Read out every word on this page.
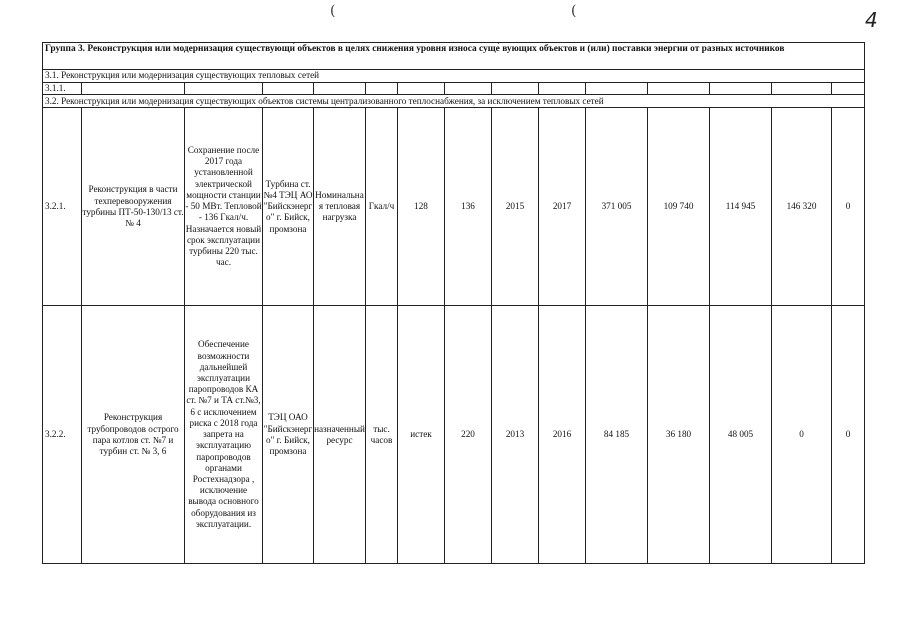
4
(	(
Группа 3. Реконструкция или модернизация существующи́ объектов в целях снижения уровня износа суще́ вующих объектов и (или) поставки энергии от разных источников														
3.1. Реконструкция или модернизация существующих тепловых сетей														
3.1.1.														
3.2. Реконструкция или модернизация существующих объектов системы централизованного теплоснабжения, за исключением тепловых сетей														
3.2.1.	Реконструкция в части техперевооружения турбины ПТ-50-130/13 ст. № 4	Сохранение после 2017 года установленной электрической мощности станции - 50 МВт. Тепловой - 136 Гкал/ч. Назначается новый срок эксплуатации турбины 220 тыс. час.	Турбина ст.№4 ТЭЦ АО "Бийскэнерго" г. Бийск, промзона	Номинальная тепловая нагрузка	Гкал/ч	128	136	2015	2017	371 005	109 740	114 945	146 320	0
3.2.2.	Реконструкция трубопроводов острого пара котлов ст. №7 и турбин ст. № 3, 6	Обеспечение возможности дальнейшей эксплуатации паропроводов КА ст. №7 и ТА ст.№3, 6 с исключением риска с 2018 года запрета на эксплуатацию паропроводов органами Ростехнадзора , исключение вывода основного оборудования из эксплуатации.	ТЭЦ ОАО "Бийскэнерго" г. Бийск, промзона	назначенный ресурс	тыс. часов	истек	220	2013	2016	84 185	36 180	48 005	0	0
